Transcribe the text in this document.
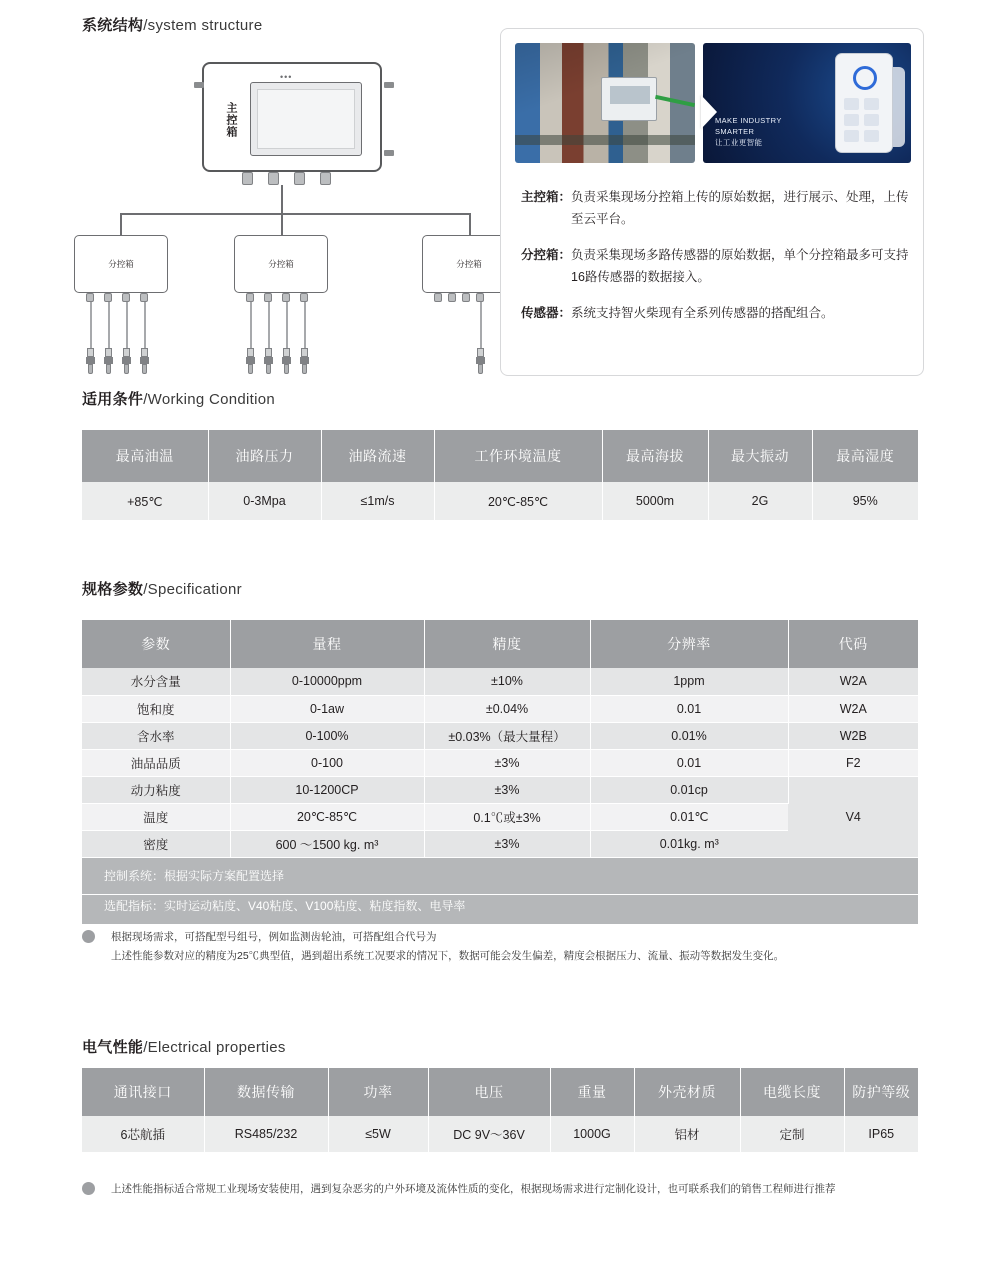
系统结构/system structure
主控箱
•••
分控箱	分控箱	分控箱
MAKE INDUSTRY
SMARTER
让工业更智能
主控箱： 负责采集现场分控箱上传的原始数据，进行展示、处理，上传至云平台。
分控箱： 负责采集现场多路传感器的原始数据，单个分控箱最多可支持16路传感器的数据接入。
传感器： 系统支持智火柴现有全系列传感器的搭配组合。
适用条件/Working Condition
最高油温	油路压力	油路流速	工作环境温度	最高海拔	最大振动	最高湿度
+85℃	0-3Mpa	≤1m/s	20℃-85℃	5000m	2G	95%
规格参数/Specificationr
参数	量程	精度	分辨率	代码
水分含量	0-10000ppm	±10%	1ppm	W2A
饱和度	0-1aw	±0.04%	0.01	W2A
含水率	0-100%	±0.03%（最大量程）	0.01%	W2B
油品品质	0-100	±3%	0.01	F2
动力粘度	10-1200CP	±3%	0.01cp	V4
温度	20℃-85℃	0.1℃或±3%	0.01℃	
密度	600 ～1500 kg. m³	±3%	0.01kg. m³	
控制系统：根据实际方案配置选择				
选配指标：实时运动粘度、V40粘度、V100粘度、粘度指数、电导率				
根据现场需求，可搭配型号组号，例如监测齿轮油，可搭配组合代号为
上述性能参数对应的精度为25℃典型值，遇到超出系统工况要求的情况下，数据可能会发生偏差，精度会根据压力、流量、振动等数据发生变化。
电气性能/Electrical properties
通讯接口	数据传输	功率	电压	重量	外壳材质	电缆长度	防护等级
6芯航插	RS485/232	≤5W	DC 9V～36V	1000G	铝材	定制	IP65
上述性能指标适合常规工业现场安装使用，遇到复杂恶劣的户外环境及流体性质的变化，根据现场需求进行定制化设计，也可联系我们的销售工程师进行推荐
